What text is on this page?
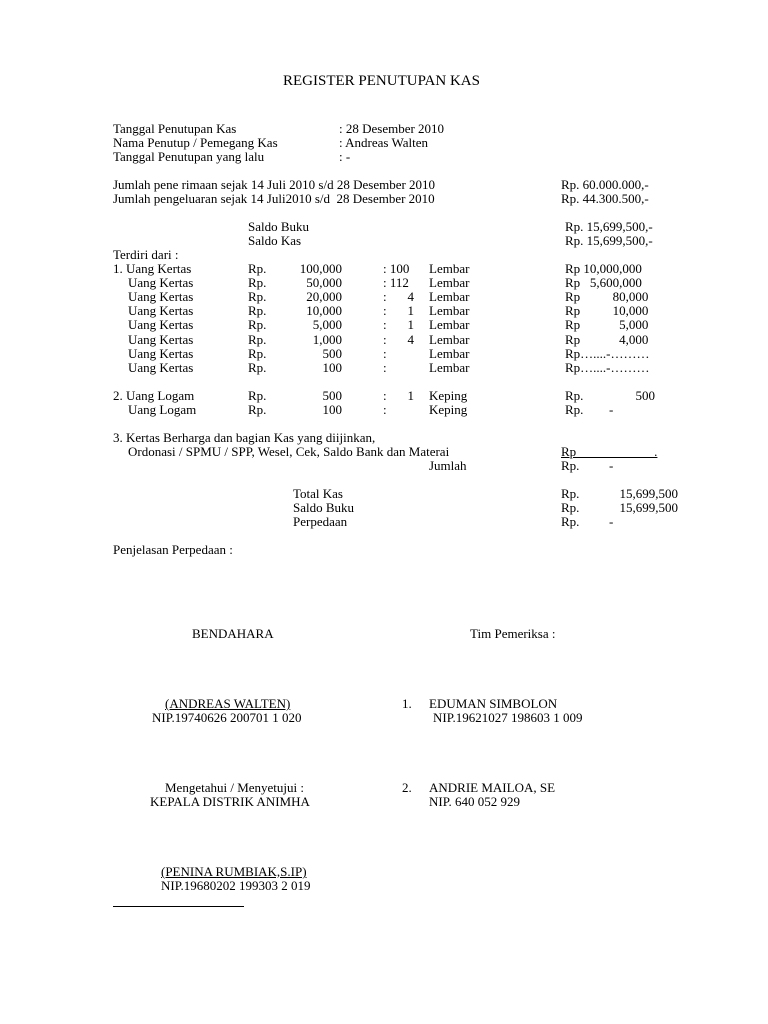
REGISTER PENUTUPAN KAS
Tanggal Penutupan Kas	: 28 Desember 2010
Nama Penutup / Pemegang Kas	: Andreas Walten
Tanggal Penutupan yang lalu	: -
Jumlah pene rimaan sejak 14 Juli 2010 s/d 28 Desember 2010	Rp. 60.000.000,-
Jumlah pengeluaran sejak 14 Juli2010 s/d  28 Desember 2010	Rp. 44.300.500,-
Saldo Buku	Rp. 15,699,500,-
Saldo Kas	Rp. 15,699,500,-
Terdiri dari :
1. Uang Kertas	Rp.	100,000	: 100 Lembar	Rp 10,000,000
Uang Kertas	Rp.	50,000	: 112 Lembar	Rp   5,600,000
Uang Kertas	Rp.	20,000	:	4 Lembar	Rp          80,000
Uang Kertas	Rp.	10,000	:	1 Lembar	Rp          10,000
Uang Kertas	Rp.	5,000	:	1 Lembar	Rp            5,000
Uang Kertas	Rp.	1,000	:	4 Lembar	Rp            4,000
Uang Kertas	Rp.	500	:	Lembar	Rp…....-………
Uang Kertas	Rp.	100	:	Lembar	Rp…....-………
2. Uang Logam	Rp.	500	:	1 Keping	Rp.	500
Uang Logam	Rp.	100	:	Keping	Rp. -
3. Kertas Berharga dan bagian Kas yang diijinkan,
Ordonasi / SPMU / SPP, Wesel, Cek, Saldo Bank dan Materai	Rp                        .
Jumlah	Rp. -
Total Kas	Rp.	15,699,500
Saldo Buku	Rp.	15,699,500
Perpedaan	Rp. -
Penjelasan Perpedaan :
BENDAHARA	Tim Pemeriksa :
(ANDREAS WALTEN)
NIP.19740626 200701 1 020
1. EDUMAN SIMBOLON
NIP.19621027 198603 1 009
Mengetahui / Menyetujui :
KEPALA DISTRIK ANIMHA
2. ANDRIE MAILOA, SE
NIP. 640 052 929
(PENINA RUMBIAK,S.IP)
NIP.19680202 199303 2 019
